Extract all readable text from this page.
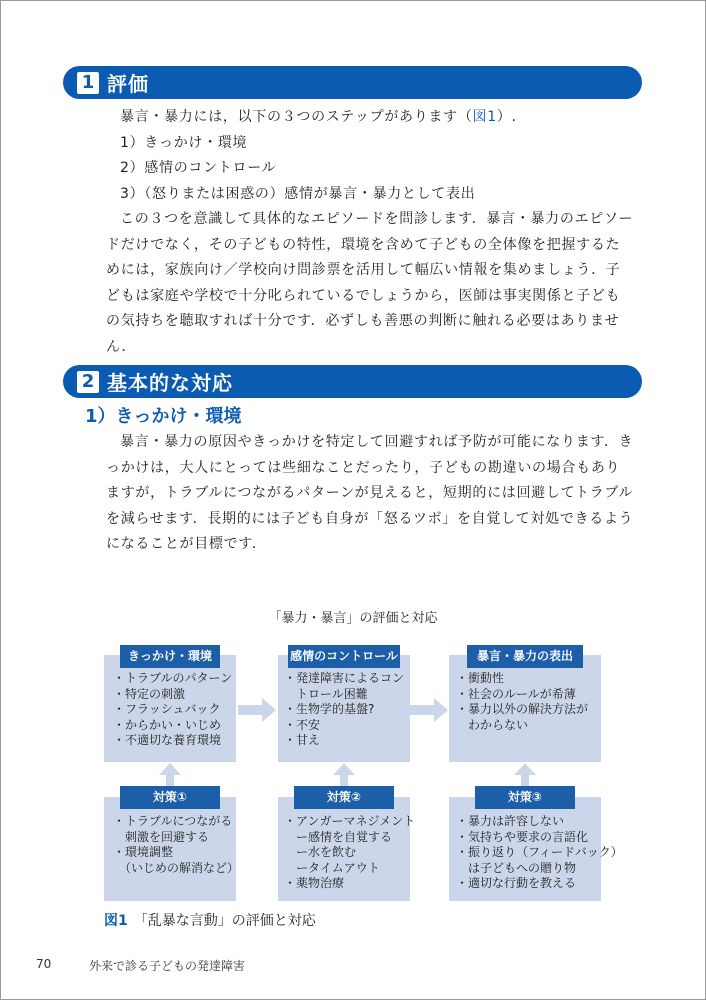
1 評価

暴言・暴力には，以下の３つのステップがあります（図1）.

1）きっかけ・環境

2）感情のコントロール

3）（怒りまたは困惑の）感情が暴言・暴力として表出

この３つを意識して具体的なエピソードを問診します．暴言・暴力のエピソードだけでなく，その子どもの特性，環境を含めて子どもの全体像を把握するためには，家族向け／学校向け問診票を活用して幅広い情報を集めましょう．子どもは家庭や学校で十分叱られているでしょうから，医師は事実関係と子どもの気持ちを聴取すれば十分です．必ずしも善悪の判断に触れる必要はありません．

2 基本的な対応
1）きっかけ・環境

暴言・暴力の原因やきっかけを特定して回避すれば予防が可能になります．きっかけは，大人にとっては些細なことだったり，子どもの勘違いの場合もありますが，トラブルにつながるパターンが見えると，短期的には回避してトラブルを減らせます．長期的には子ども自身が「怒るツボ」を自覚して対処できるようになることが目標です．

「暴力・暴言」の評価と対応
きっかけ・環境
・トラブルのパターン
・特定の刺激
・フラッシュバック
・からかい・いじめ
・不適切な養育環境
感情のコントロール
・発達障害によるコン
　トロール困難
・生物学的基盤?
・不安
・甘え
暴言・暴力の表出
・衝動性
・社会のルールが希薄
・暴力以外の解決方法が
　わからない
対策①
・トラブルにつながる
　刺激を回避する
・環境調整
　（いじめの解消など）
対策②
・アンガーマネジメント
　ー感情を自覚する
　ー水を飲む
　ータイムアウト
・薬物治療
対策③
・暴力は許容しない
・気持ちや要求の言語化
・振り返り（フィードバック）
　は子どもへの贈り物
・適切な行動を教える
図1 「乱暴な言動」の評価と対応
70	外来で診る子どもの発達障害
